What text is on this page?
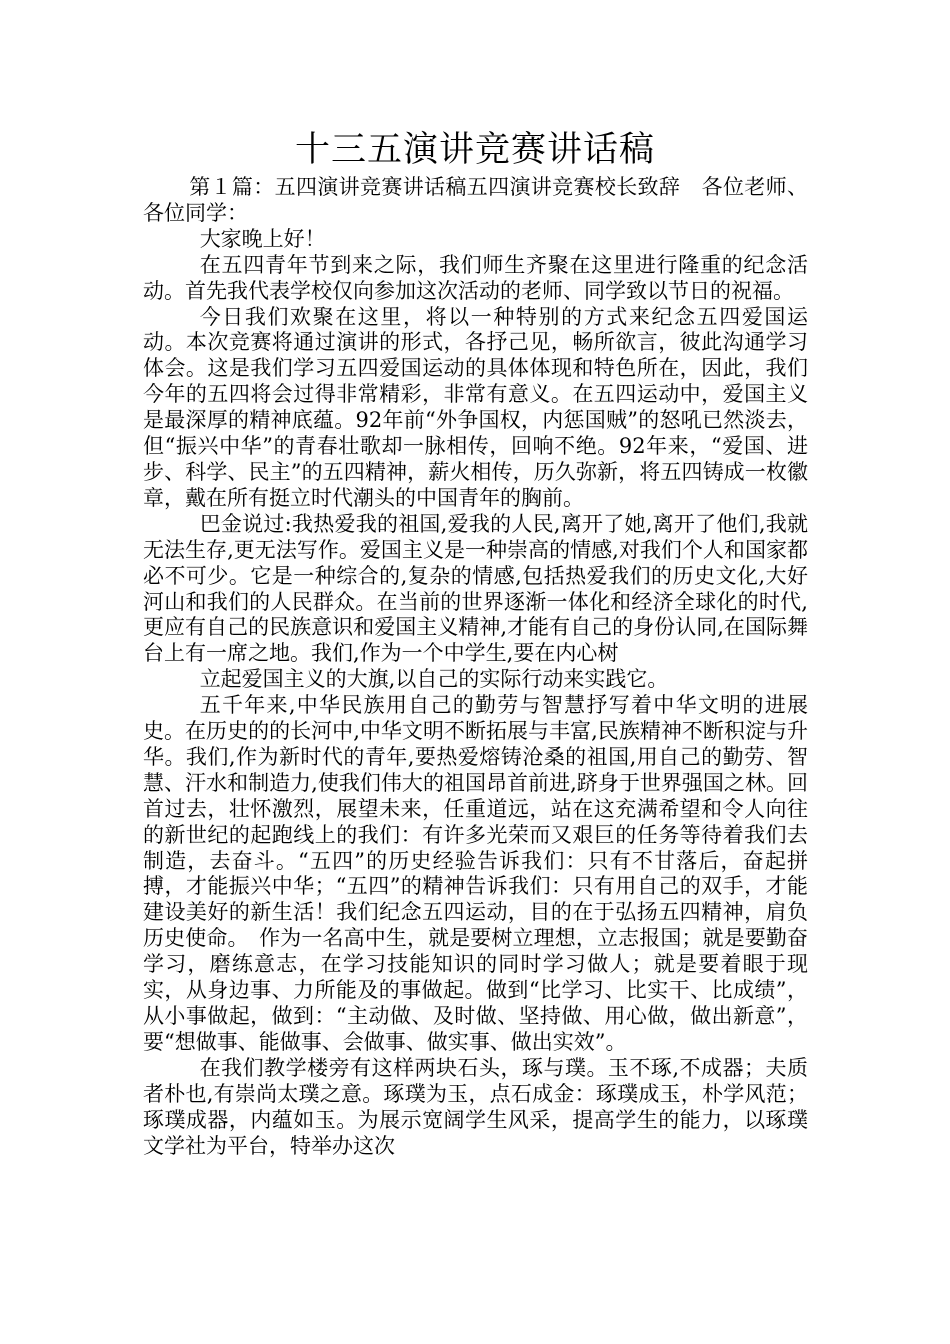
十三五演讲竞赛讲话稿

第１篇：五四演讲竞赛讲话稿五四演讲竞赛校长致辞　各位老师、各位同学：

大家晚上好！

在五四青年节到来之际，我们师生齐聚在这里进行隆重的纪念活动。首先我代表学校仅向参加这次活动的老师、同学致以节日的祝福。

今日我们欢聚在这里，将以一种特别的方式来纪念五四爱国运动。本次竞赛将通过演讲的形式，各抒己见，畅所欲言，彼此沟通学习体会。这是我们学习五四爱国运动的具体体现和特色所在，因此，我们今年的五四将会过得非常精彩，非常有意义。在五四运动中，爱国主义是最深厚的精神底蕴。92年前“外争国权，内惩国贼”的怒吼已然淡去，但“振兴中华”的青春壮歌却一脉相传，回响不绝。92年来，“爱国、进步、科学、民主”的五四精神，薪火相传，历久弥新，将五四铸成一枚徽章，戴在所有挺立时代潮头的中国青年的胸前。

巴金说过:我热爱我的祖国,爱我的人民,离开了她,离开了他们,我就无法生存,更无法写作。爱国主义是一种崇高的情感,对我们个人和国家都必不可少。它是一种综合的,复杂的情感,包括热爱我们的历史文化,大好河山和我们的人民群众。在当前的世界逐渐一体化和经济全球化的时代,更应有自己的民族意识和爱国主义精神,才能有自己的身份认同,在国际舞台上有一席之地。我们,作为一个中学生,要在内心树

立起爱国主义的大旗,以自己的实际行动来实践它。

五千年来,中华民族用自己的勤劳与智慧抒写着中华文明的进展史。在历史的的长河中,中华文明不断拓展与丰富,民族精神不断积淀与升华。我们,作为新时代的青年,要热爱熔铸沧桑的祖国,用自己的勤劳、智慧、汗水和制造力,使我们伟大的祖国昂首前进,跻身于世界强国之林。回首过去，壮怀激烈，展望未来，任重道远，站在这充满希望和令人向往的新世纪的起跑线上的我们：有许多光荣而又艰巨的任务等待着我们去制造，去奋斗。“五四”的历史经验告诉我们：只有不甘落后，奋起拼搏，才能振兴中华；“五四”的精神告诉我们：只有用自己的双手，才能建设美好的新生活！我们纪念五四运动，目的在于弘扬五四精神，肩负历史使命。　作为一名高中生，就是要树立理想，立志报国；就是要勤奋学习，磨练意志，在学习技能知识的同时学习做人；就是要着眼于现实，从身边事、力所能及的事做起。做到“比学习、比实干、比成绩”，从小事做起，做到：“主动做、及时做、坚持做、用心做，做出新意”，要“想做事、能做事、会做事、做实事、做出实效”。

在我们教学楼旁有这样两块石头，琢与璞。玉不琢,不成器；夫质者朴也,有崇尚太璞之意。琢璞为玉，点石成金：琢璞成玉，朴学风范；琢璞成器，内蕴如玉。为展示宽阔学生风采，提高学生的能力，以琢璞文学社为平台，特举办这次
